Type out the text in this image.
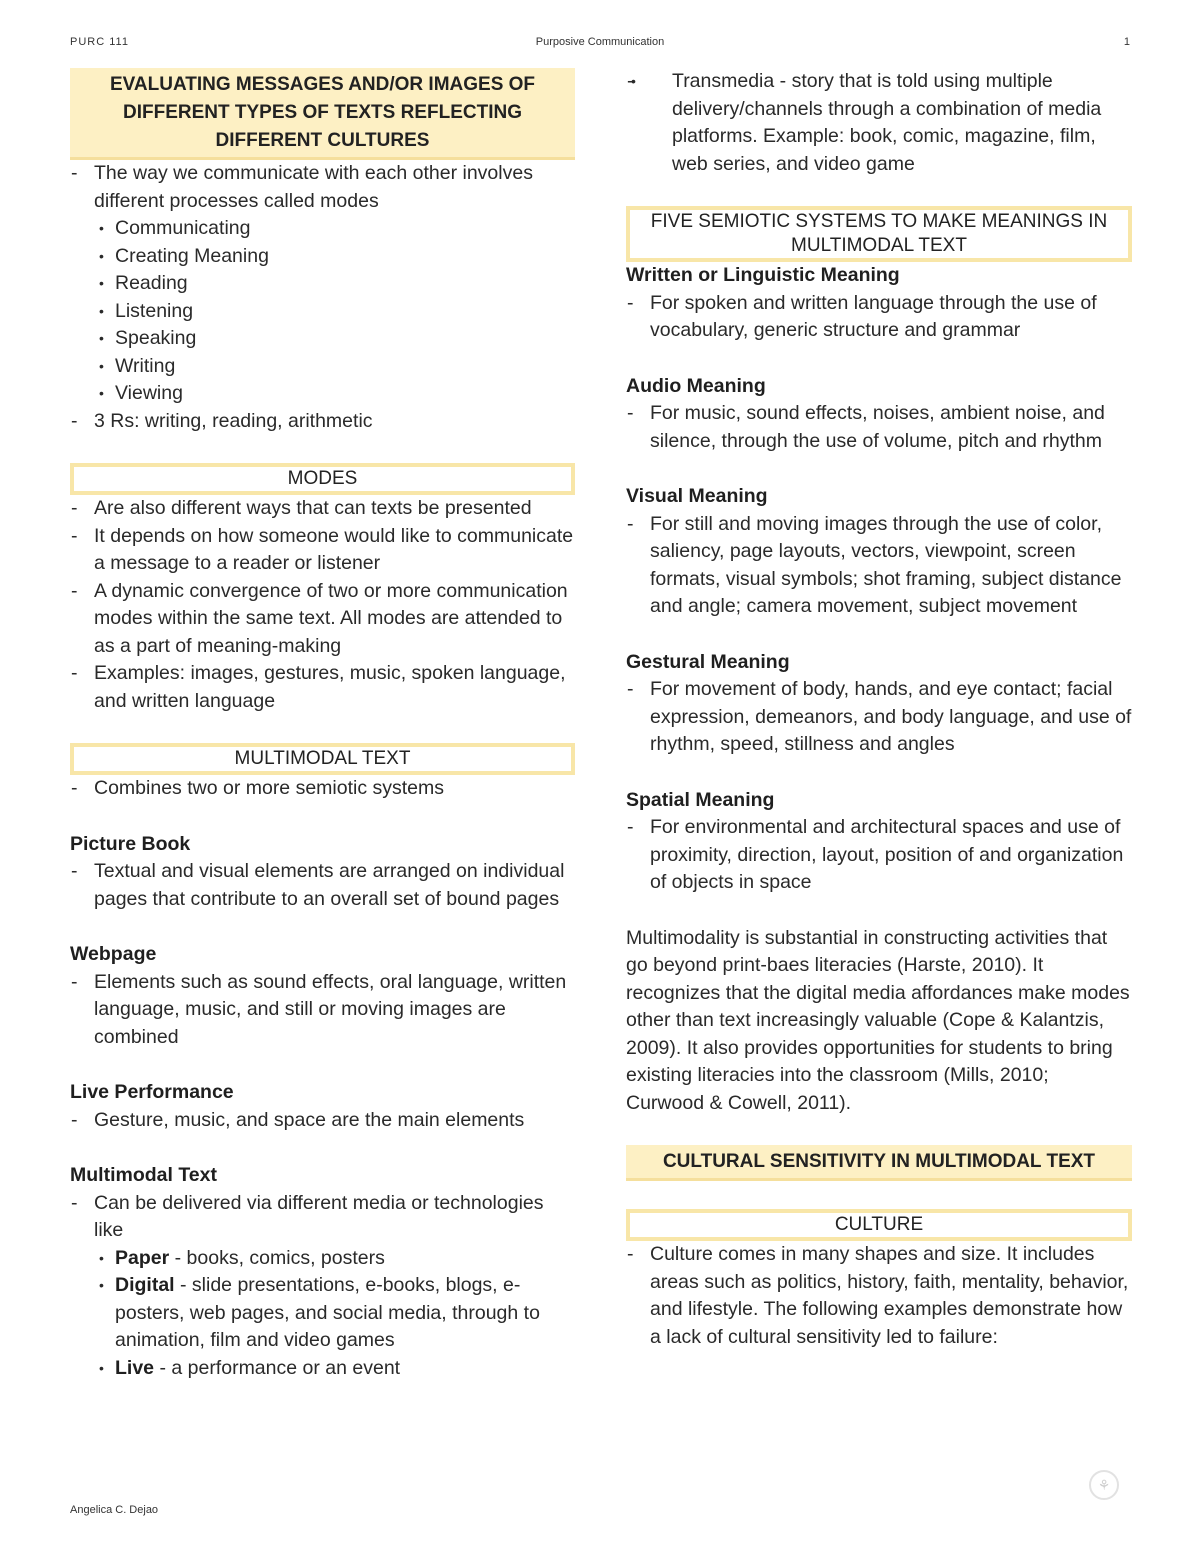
PURC 111	Purposive Communication	1
EVALUATING MESSAGES AND/OR IMAGES OF DIFFERENT TYPES OF TEXTS REFLECTING DIFFERENT CULTURES
‐ The way we communicate with each other involves different processes called modes
• Communicating
• Creating Meaning
• Reading
• Listening
• Speaking
• Writing
• Viewing
‐ 3 Rs: writing, reading, arithmetic
MODES
‐ Are also different ways that can texts be presented
‐ It depends on how someone would like to communicate a message to a reader or listener
‐ A dynamic convergence of two or more communication modes within the same text. All modes are attended to as a part of meaning-making
‐ Examples: images, gestures, music, spoken language, and written language
MULTIMODAL TEXT
‐ Combines two or more semiotic systems
Picture Book
‐ Textual and visual elements are arranged on individual pages that contribute to an overall set of bound pages
Webpage
‐ Elements such as sound effects, oral language, written language, music, and still or moving images are combined
Live Performance
‐ Gesture, music, and space are the main elements
Multimodal Text
‐ Can be delivered via different media or technologies like
• Paper - books, comics, posters
• Digital - slide presentations, e-books, blogs, e-posters, web pages, and social media, through to animation, film and video games
• Live - a performance or an event
• ‐ Transmedia - story that is told using multiple delivery/channels through a combination of media platforms. Example: book, comic, magazine, film, web series, and video game
FIVE SEMIOTIC SYSTEMS TO MAKE MEANINGS IN MULTIMODAL TEXT
Written or Linguistic Meaning
‐ For spoken and written language through the use of vocabulary, generic structure and grammar
Audio Meaning
‐ For music, sound effects, noises, ambient noise, and silence, through the use of volume, pitch and rhythm
Visual Meaning
‐ For still and moving images through the use of color, saliency, page layouts, vectors, viewpoint, screen formats, visual symbols; shot framing, subject distance and angle; camera movement, subject movement
Gestural Meaning
‐ For movement of body, hands, and eye contact; facial expression, demeanors, and body language, and use of rhythm, speed, stillness and angles
Spatial Meaning
‐ For environmental and architectural spaces and use of proximity, direction, layout, position of and organization of objects in space

Multimodality is substantial in constructing activities that go beyond print-baes literacies (Harste, 2010). It recognizes that the digital media affordances make modes other than text increasingly valuable (Cope & Kalantzis, 2009). It also provides opportunities for students to bring existing literacies into the classroom (Mills, 2010; Curwood & Cowell, 2011).

CULTURAL SENSITIVITY IN MULTIMODAL TEXT
CULTURE
‐ Culture comes in many shapes and size. It includes areas such as politics, history, faith, mentality, behavior, and lifestyle. The following examples demonstrate how a lack of cultural sensitivity led to failure:
⚘
Angelica C. Dejao
